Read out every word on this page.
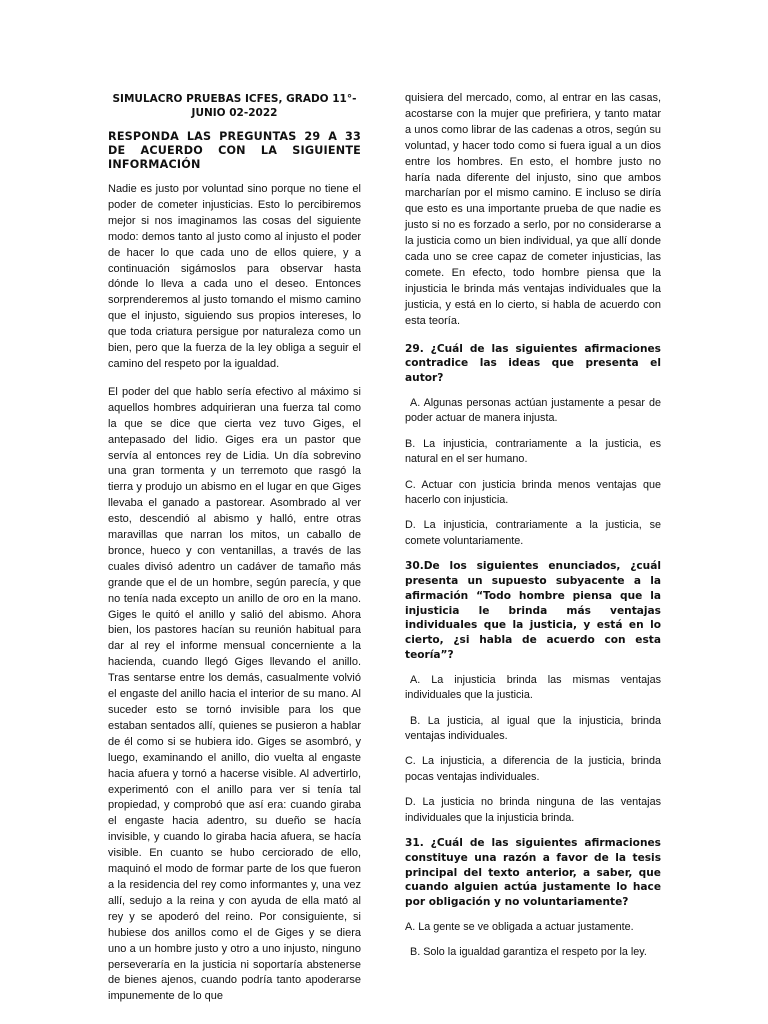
SIMULACRO PRUEBAS ICFES, GRADO 11°- JUNIO 02-2022
RESPONDA LAS PREGUNTAS 29 A 33 DE ACUERDO CON LA SIGUIENTE INFORMACIÓN

Nadie es justo por voluntad sino porque no tiene el poder de cometer injusticias. Esto lo percibiremos mejor si nos imaginamos las cosas del siguiente modo: demos tanto al justo como al injusto el poder de hacer lo que cada uno de ellos quiere, y a continuación sigámoslos para observar hasta dónde lo lleva a cada uno el deseo. Entonces sorprenderemos al justo tomando el mismo camino que el injusto, siguiendo sus propios intereses, lo que toda criatura persigue por naturaleza como un bien, pero que la fuerza de la ley obliga a seguir el camino del respeto por la igualdad.

El poder del que hablo sería efectivo al máximo si aquellos hombres adquirieran una fuerza tal como la que se dice que cierta vez tuvo Giges, el antepasado del lidio. Giges era un pastor que servía al entonces rey de Lidia. Un día sobrevino una gran tormenta y un terremoto que rasgó la tierra y produjo un abismo en el lugar en que Giges llevaba el ganado a pastorear. Asombrado al ver esto, descendió al abismo y halló, entre otras maravillas que narran los mitos, un caballo de bronce, hueco y con ventanillas, a través de las cuales divisó adentro un cadáver de tamaño más grande que el de un hombre, según parecía, y que no tenía nada excepto un anillo de oro en la mano. Giges le quitó el anillo y salió del abismo. Ahora bien, los pastores hacían su reunión habitual para dar al rey el informe mensual concerniente a la hacienda, cuando llegó Giges llevando el anillo. Tras sentarse entre los demás, casualmente volvió el engaste del anillo hacia el interior de su mano. Al suceder esto se tornó invisible para los que estaban sentados allí, quienes se pusieron a hablar de él como si se hubiera ido. Giges se asombró, y luego, examinando el anillo, dio vuelta al engaste hacia afuera y tornó a hacerse visible. Al advertirlo, experimentó con el anillo para ver si tenía tal propiedad, y comprobó que así era: cuando giraba el engaste hacia adentro, su dueño se hacía invisible, y cuando lo giraba hacia afuera, se hacía visible. En cuanto se hubo cerciorado de ello, maquinó el modo de formar parte de los que fueron a la residencia del rey como informantes y, una vez allí, sedujo a la reina y con ayuda de ella mató al rey y se apoderó del reino. Por consiguiente, si hubiese dos anillos como el de Giges y se diera uno a un hombre justo y otro a uno injusto, ninguno perseveraría en la justicia ni soportaría abstenerse de bienes ajenos, cuando podría tanto apoderarse impunemente de lo que

quisiera del mercado, como, al entrar en las casas, acostarse con la mujer que prefiriera, y tanto matar a unos como librar de las cadenas a otros, según su voluntad, y hacer todo como si fuera igual a un dios entre los hombres. En esto, el hombre justo no haría nada diferente del injusto, sino que ambos marcharían por el mismo camino. E incluso se diría que esto es una importante prueba de que nadie es justo si no es forzado a serlo, por no considerarse a la justicia como un bien individual, ya que allí donde cada uno se cree capaz de cometer injusticias, las comete. En efecto, todo hombre piensa que la injusticia le brinda más ventajas individuales que la justicia, y está en lo cierto, si habla de acuerdo con esta teoría.

29. ¿Cuál de las siguientes afirmaciones contradice las ideas que presenta el autor?
A. Algunas personas actúan justamente a pesar de poder actuar de manera injusta.
B. La injusticia, contrariamente a la justicia, es natural en el ser humano.
C. Actuar con justicia brinda menos ventajas que hacerlo con injusticia.
D. La injusticia, contrariamente a la justicia, se comete voluntariamente.
30.De los siguientes enunciados, ¿cuál presenta un supuesto subyacente a la afirmación “Todo hombre piensa que la injusticia le brinda más ventajas individuales que la justicia, y está en lo cierto, ¿si habla de acuerdo con esta teoría”?
A. La injusticia brinda las mismas ventajas individuales que la justicia.
B. La justicia, al igual que la injusticia, brinda ventajas individuales.
C. La injusticia, a diferencia de la justicia, brinda pocas ventajas individuales.
D. La justicia no brinda ninguna de las ventajas individuales que la injusticia brinda.
31. ¿Cuál de las siguientes afirmaciones constituye una razón a favor de la tesis principal del texto anterior, a saber, que cuando alguien actúa justamente lo hace por obligación y no voluntariamente?
A. La gente se ve obligada a actuar justamente.
B. Solo la igualdad garantiza el respeto por la ley.
